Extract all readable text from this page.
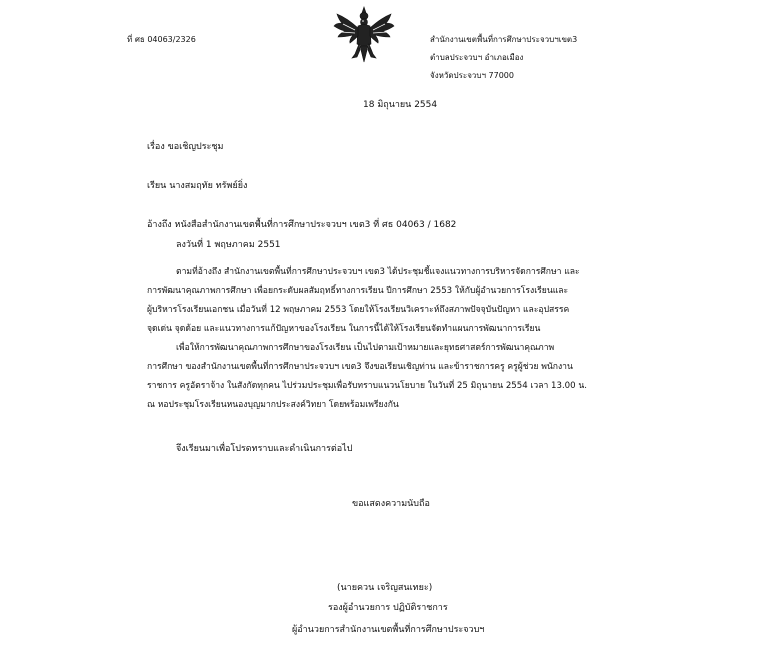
ที่ ศธ 04063/2326	สำนักงานเขตพื้นที่การศึกษาประจวบฯเขต3
ตำบลประจวบฯ อำเภอเมือง
จังหวัดประจวบฯ 77000
18 มิถุนายน 2554
เรื่อง ขอเชิญประชุม
เรียน นางสมฤทัย ทรัพย์ยิ่ง
อ้างถึง หนังสือสำนักงานเขตพื้นที่การศึกษาประจวบฯ เขต3 ที่ ศธ 04063 / 1682
ลงวันที่ 1 พฤษภาคม 2551
ตามที่อ้างถึง สำนักงานเขตพื้นที่การศึกษาประจวบฯ เขต3 ได้ประชุมชี้แจงแนวทางการบริหารจัดการศึกษา และ
การพัฒนาคุณภาพการศึกษา เพื่อยกระดับผลสัมฤทธิ์ทางการเรียน ปีการศึกษา 2553 ให้กับผู้อำนวยการโรงเรียนและ
ผู้บริหารโรงเรียนเอกชน เมื่อวันที่ 12 พฤษภาคม 2553 โดยให้โรงเรียนวิเคราะห์ถึงสภาพปัจจุบันปัญหา และอุปสรรค
จุดเด่น จุดด้อย และแนวทางการแก้ปัญหาของโรงเรียน ในการนี้ได้ให้โรงเรียนจัดทำแผนการพัฒนาการเรียน
เพื่อให้การพัฒนาคุณภาพการศึกษาของโรงเรียน เป็นไปตามเป้าหมายและยุทธศาสตร์การพัฒนาคุณภาพ
การศึกษา ของสำนักงานเขตพื้นที่การศึกษาประจวบฯ เขต3 จึงขอเรียนเชิญท่าน และข้าราชการครู ครูผู้ช่วย พนักงาน
ราชการ ครูอัตราจ้าง ในสังกัดทุกคน ไปร่วมประชุมเพื่อรับทราบแนวนโยบาย ในวันที่ 25 มิถุนายน 2554 เวลา 13.00 น.
ณ หอประชุมโรงเรียนหนองบุญมากประสงค์วิทยา โดยพร้อมเพรียงกัน
จึงเรียนมาเพื่อโปรดทราบและดำเนินการต่อไป
ขอแสดงความนับถือ
(นายควน เจริญสนเทยะ)
รองผู้อำนวยการ ปฏิบัติราชการ
ผู้อำนวยการสำนักงานเขตพื้นที่การศึกษาประจวบฯ
